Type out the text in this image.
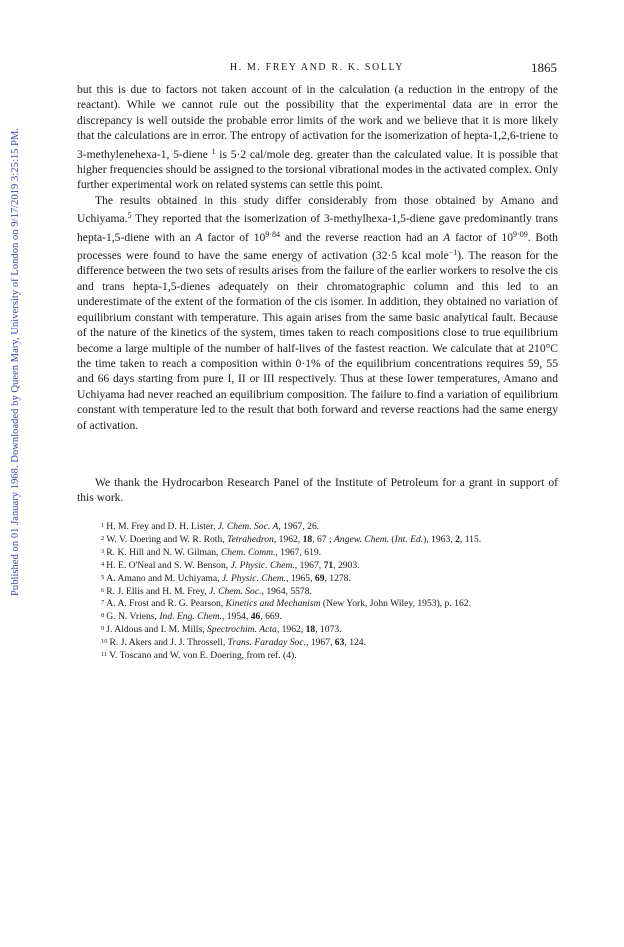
Published on 01 January 1968. Downloaded by Queen Mary, University of London on 9/17/2019 3:25:15 PM.
H. M. FREY AND R. K. SOLLY	1865

but this is due to factors not taken account of in the calculation (a reduction in the entropy of the reactant). While we cannot rule out the possibility that the experimental data are in error the discrepancy is well outside the probable error limits of the work and we believe that it is more likely that the calculations are in error. The entropy of activation for the isomerization of hepta-1,2,6-triene to 3-methylenehexa-1, 5-diene $^1$ is 5·2 cal/mole deg. greater than the calculated value. It is possible that higher frequencies should be assigned to the torsional vibrational modes in the activated complex. Only further experimental work on related systems can settle this point.

The results obtained in this study differ considerably from those obtained by Amano and Uchiyama.$^5$ They reported that the isomerization of 3-methylhexa-1,5-diene gave predominantly trans hepta-1,5-diene with an A factor of $10^{9\cdot 84}$ and the reverse reaction had an A factor of $10^{9\cdot 09}$. Both processes were found to have the same energy of activation (32·5 kcal mole$^{-1}$). The reason for the difference between the two sets of results arises from the failure of the earlier workers to resolve the cis and trans hepta-1,5-dienes adequately on their chromatographic column and this led to an underestimate of the extent of the formation of the cis isomer. In addition, they obtained no variation of equilibrium constant with temperature. This again arises from the same basic analytical fault. Because of the nature of the kinetics of the system, times taken to reach compositions close to true equilibrium become a large multiple of the number of half-lives of the fastest reaction. We calculate that at 210°C the time taken to reach a composition within 0·1% of the equilibrium concentrations requires 59, 55 and 66 days starting from pure I, II or III respectively. Thus at these lower temperatures, Amano and Uchiyama had never reached an equilibrium composition. The failure to find a variation of equilibrium constant with temperature led to the result that both forward and reverse reactions had the same energy of activation.

We thank the Hydrocarbon Research Panel of the Institute of Petroleum for a grant in support of this work.

$^1$ H. M. Frey and D. H. Lister, J. Chem. Soc. A, 1967, 26.
$^2$ W. V. Doering and W. R. Roth, Tetrahedron, 1962, 18, 67 ; Angew. Chem. (Int. Ed.), 1963, 2, 115.
$^3$ R. K. Hill and N. W. Gilman, Chem. Comm., 1967, 619.
$^4$ H. E. O'Neal and S. W. Benson, J. Physic. Chem., 1967, 71, 2903.
$^5$ A. Amano and M. Uchiyama, J. Physic. Chem., 1965, 69, 1278.
$^6$ R. J. Ellis and H. M. Frey, J. Chem. Soc., 1964, 5578.
$^7$ A. A. Frost and R. G. Pearson, Kinetics and Mechanism (New York, John Wiley, 1953), p. 162.
$^8$ G. N. Vriens, Ind. Eng. Chem., 1954, 46, 669.
$^9$ J. Aldous and I. M. Mills, Spectrochim. Acta, 1962, 18, 1073.
$^{10}$ R. J. Akers and J. J. Throssell, Trans. Faraday Soc., 1967, 63, 124.
$^{11}$ V. Toscano and W. von E. Doering, from ref. (4).
